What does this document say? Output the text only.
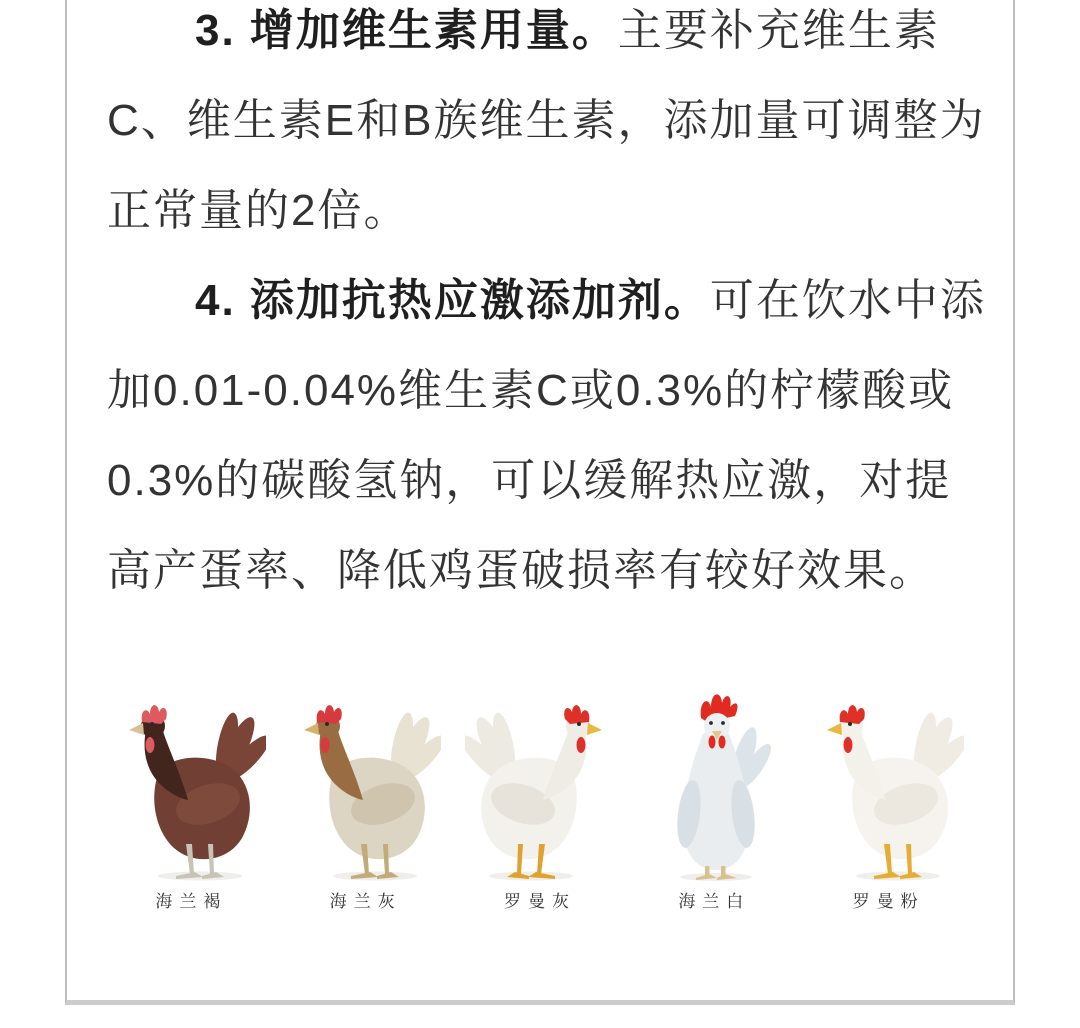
3. 增加维生素用量。主要补充维生素C、维生素E和B族维生素，添加量可调整为正常量的2倍。

4. 添加抗热应激添加剂。可在饮水中添加0.01-0.04%维生素C或0.3%的柠檬酸或0.3%的碳酸氢钠，可以缓解热应激，对提高产蛋率、降低鸡蛋破损率有较好效果。

海兰褐	海兰灰	罗曼灰	海兰白	罗曼粉
